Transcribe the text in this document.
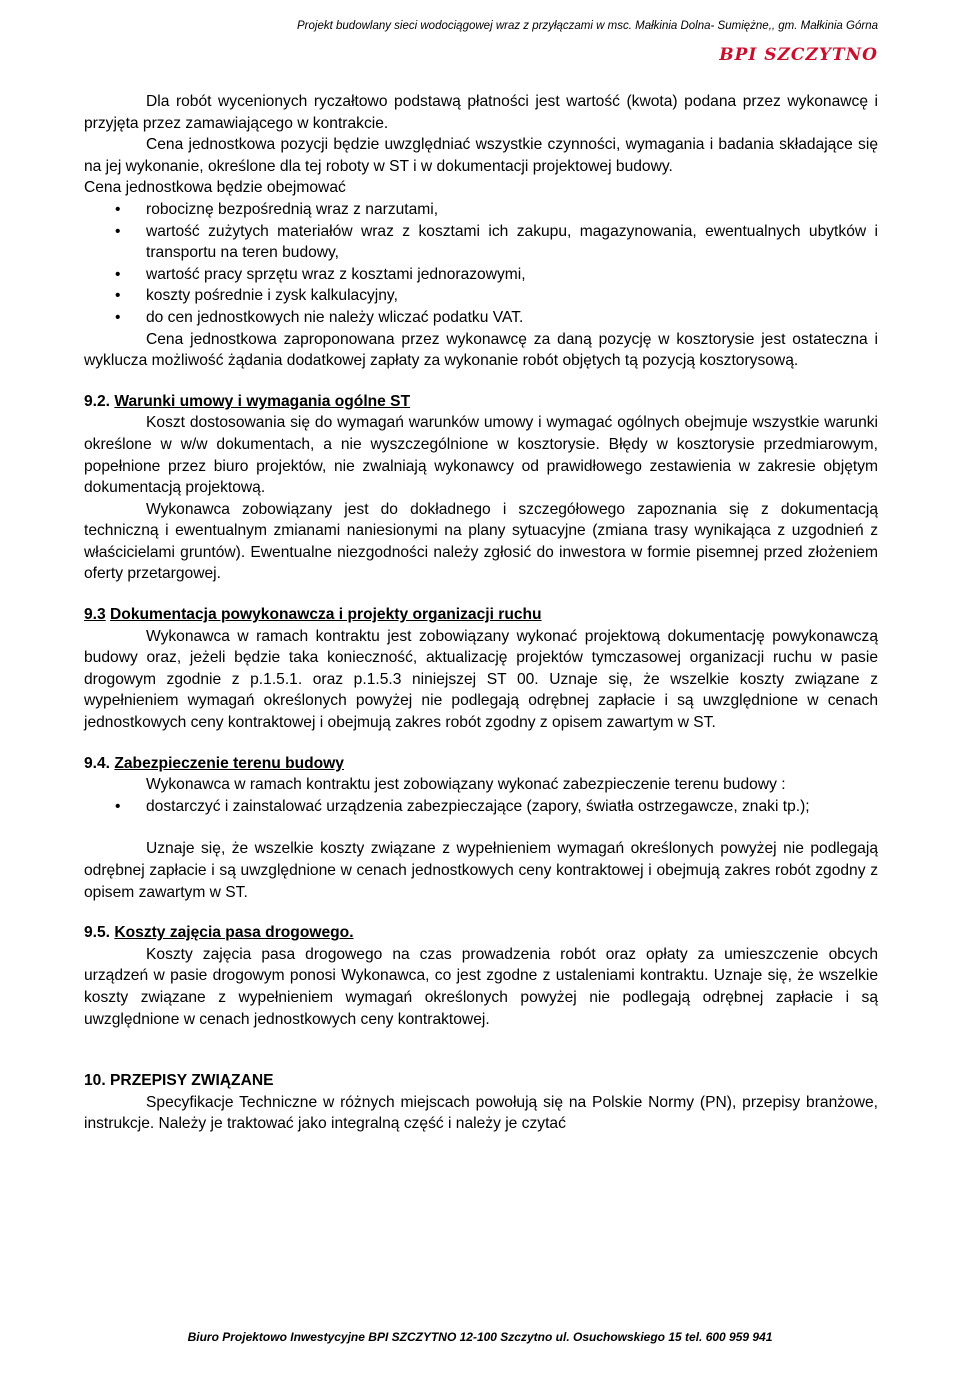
Projekt budowlany sieci wodociągowej wraz z przyłączami w msc. Małkinia Dolna- Sumiężne,, gm. Małkinia Górna
BPI SZCZYTNO

Dla robót wycenionych ryczałtowo podstawą płatności jest wartość (kwota) podana przez wykonawcę i przyjęta przez zamawiającego w kontrakcie.

Cena jednostkowa pozycji będzie uwzględniać wszystkie czynności, wymagania i badania składające się na jej wykonanie, określone dla tej roboty w ST i w dokumentacji projektowej budowy.

Cena jednostkowa będzie obejmować

• robociznę bezpośrednią wraz z narzutami,
• wartość zużytych materiałów wraz z kosztami ich zakupu, magazynowania, ewentualnych ubytków i transportu na teren budowy,
• wartość pracy sprzętu wraz z kosztami jednorazowymi,
• koszty pośrednie i zysk kalkulacyjny,
• do cen jednostkowych nie należy wliczać podatku VAT.

Cena jednostkowa zaproponowana przez wykonawcę za daną pozycję w kosztorysie jest ostateczna i wyklucza możliwość żądania dodatkowej zapłaty za wykonanie robót objętych tą pozycją kosztorysową.

9.2. Warunki umowy i wymagania ogólne ST

Koszt dostosowania się do wymagań warunków umowy i wymagać ogólnych obejmuje wszystkie warunki określone w w/w dokumentach, a nie wyszczególnione w kosztorysie. Błędy w kosztorysie przedmiarowym, popełnione przez biuro projektów, nie zwalniają wykonawcy od prawidłowego zestawienia w zakresie objętym dokumentacją projektową.

Wykonawca zobowiązany jest do dokładnego i szczegółowego zapoznania się z dokumentacją techniczną i ewentualnym zmianami naniesionymi na plany sytuacyjne (zmiana trasy wynikająca z uzgodnień z właścicielami gruntów). Ewentualne niezgodności należy zgłosić do inwestora w formie pisemnej przed złożeniem oferty przetargowej.

9.3 Dokumentacja powykonawcza i projekty organizacji ruchu

Wykonawca w ramach kontraktu jest zobowiązany wykonać projektową dokumentację powykonawczą budowy oraz, jeżeli będzie taka konieczność, aktualizację projektów tymczasowej organizacji ruchu w pasie drogowym zgodnie z p.1.5.1. oraz p.1.5.3 niniejszej ST 00. Uznaje się, że wszelkie koszty związane z wypełnieniem wymagań określonych powyżej nie podlegają odrębnej zapłacie i są uwzględnione w cenach jednostkowych ceny kontraktowej i obejmują zakres robót zgodny z opisem zawartym w ST.

9.4. Zabezpieczenie terenu budowy

Wykonawca w ramach kontraktu jest zobowiązany wykonać zabezpieczenie terenu budowy :

• dostarczyć i zainstalować urządzenia zabezpieczające (zapory, światła ostrzegawcze, znaki tp.);

Uznaje się, że wszelkie koszty związane z wypełnieniem wymagań określonych powyżej nie podlegają odrębnej zapłacie i są uwzględnione w cenach jednostkowych ceny kontraktowej i obejmują zakres robót zgodny z opisem zawartym w ST.

9.5. Koszty zajęcia pasa drogowego.

Koszty zajęcia pasa drogowego na czas prowadzenia robót oraz opłaty za umieszczenie obcych urządzeń w pasie drogowym ponosi Wykonawca, co jest zgodne z ustaleniami kontraktu. Uznaje się, że wszelkie koszty związane z wypełnieniem wymagań określonych powyżej nie podlegają odrębnej zapłacie i są uwzględnione w cenach jednostkowych ceny kontraktowej.

10. PRZEPISY ZWIĄZANE

Specyfikacje Techniczne w różnych miejscach powołują się na Polskie Normy (PN), przepisy branżowe, instrukcje. Należy je traktować jako integralną część i należy je czytać

Biuro Projektowo Inwestycyjne BPI SZCZYTNO 12-100 Szczytno ul. Osuchowskiego 15 tel. 600 959 941
